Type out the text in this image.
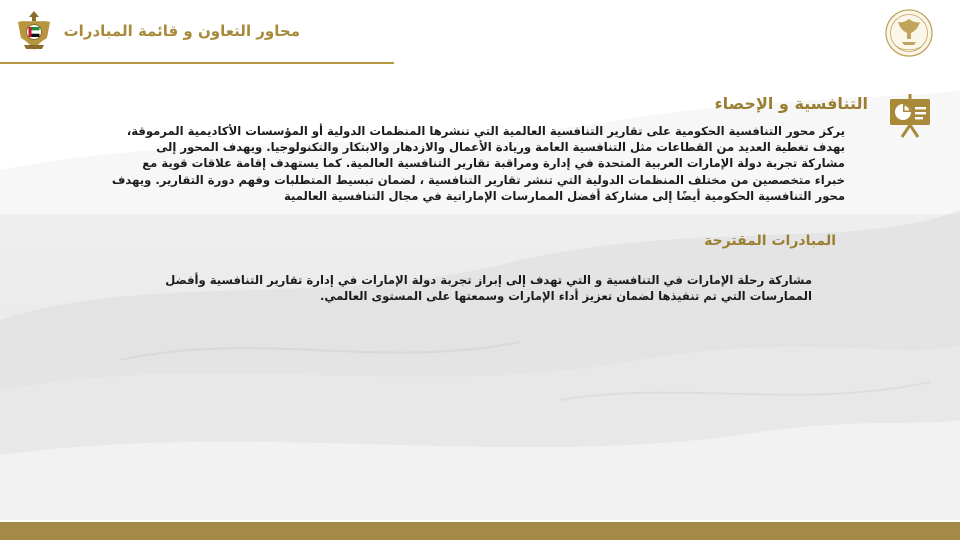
محاور التعاون و قائمة المبادرات
التنافسية و الإحصاء
يركز محور التنافسية الحكومية على تقارير التنافسية العالمية التي تنشرها المنظمات الدولية أو المؤسسات الأكاديمية المرموقة، بهدف تغطية العديد من القطاعات مثل التنافسية العامة وريادة الأعمال والازدهار والابتكار والتكنولوجيا. ويهدف المحور إلى مشاركة تجربة دولة الإمارات العربية المتحدة في إدارة ومراقبة تقارير التنافسية العالمية. كما يستهدف إقامة علاقات قوية مع خبراء متخصصين من مختلف المنظمات الدولية التي تنشر تقارير التنافسية ، لضمان تبسيط المتطلبات وفهم دورة التقارير. ويهدف محور التنافسية الحكومية أيضًا إلى مشاركة أفضل الممارسات الإماراتية في مجال التنافسية العالمية
المبادرات المقترحة
مشاركة رحلة الإمارات في التنافسية و التي تهدف إلى إبراز تجربة دولة الإمارات في إدارة تقارير التنافسية وأفضل الممارسات التي تم تنفيذها لضمان تعزيز أداء الإمارات وسمعتها على المستوى العالمي.
